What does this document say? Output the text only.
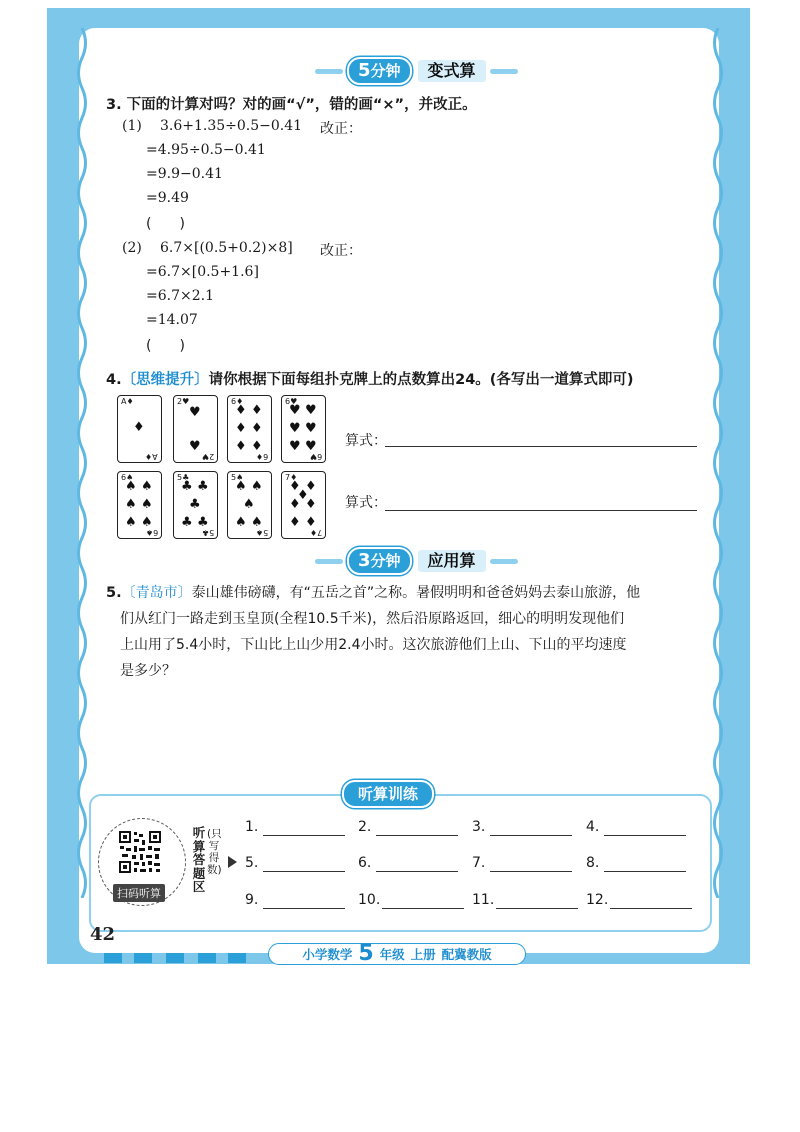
5分钟	变式算
3. 下面的计算对吗？对的画“√”，错的画“×”，并改正。
(1) 3.6+1.35÷0.5−0.41 改正：
=4.95÷0.5−0.41
=9.9−0.41
=9.49
(　　)
(2) 6.7×[(0.5+0.2)×8] 改正：
=6.7×[0.5+1.6]
=6.7×2.1
=14.07
(　　)
4.〔思维提升〕请你根据下面每组扑克牌上的点数算出24。(各写出一道算式即可)
算式：
算式：
3分钟	应用算
5.〔青岛市〕泰山雄伟磅礴，有“五岳之首”之称。暑假明明和爸爸妈妈去泰山旅游，他
们从红门一路走到玉皇顶(全程10.5千米)，然后沿原路返回，细心的明明发现他们
上山用了5.4小时，下山比上山少用2.4小时。这次旅游他们上山、下山的平均速度
是多少？
听算训练
扫码听算
听算答题区
(只写得数)
42
小学数学 5 年级 上册 配冀教版
A♦
A♦
♦
2♥
2♥
♥
♥
6♦
6♦
♦ ♦
♦ ♦
♦ ♦
6♥
6♥
♥ ♥
♥ ♥
♥ ♥
6♠
6♠
♠ ♠
♠ ♠
♠ ♠
5♣
5♣
♣ ♣
♣
♣ ♣
5♠
5♠
♠ ♠
♠
♠ ♠
7♦
7♦
♦ ♦
♦
♦ ♦
♦ ♦
1.	2.	3.	4.
5.	6.	7.	8.
9.	10.	11.	12.
